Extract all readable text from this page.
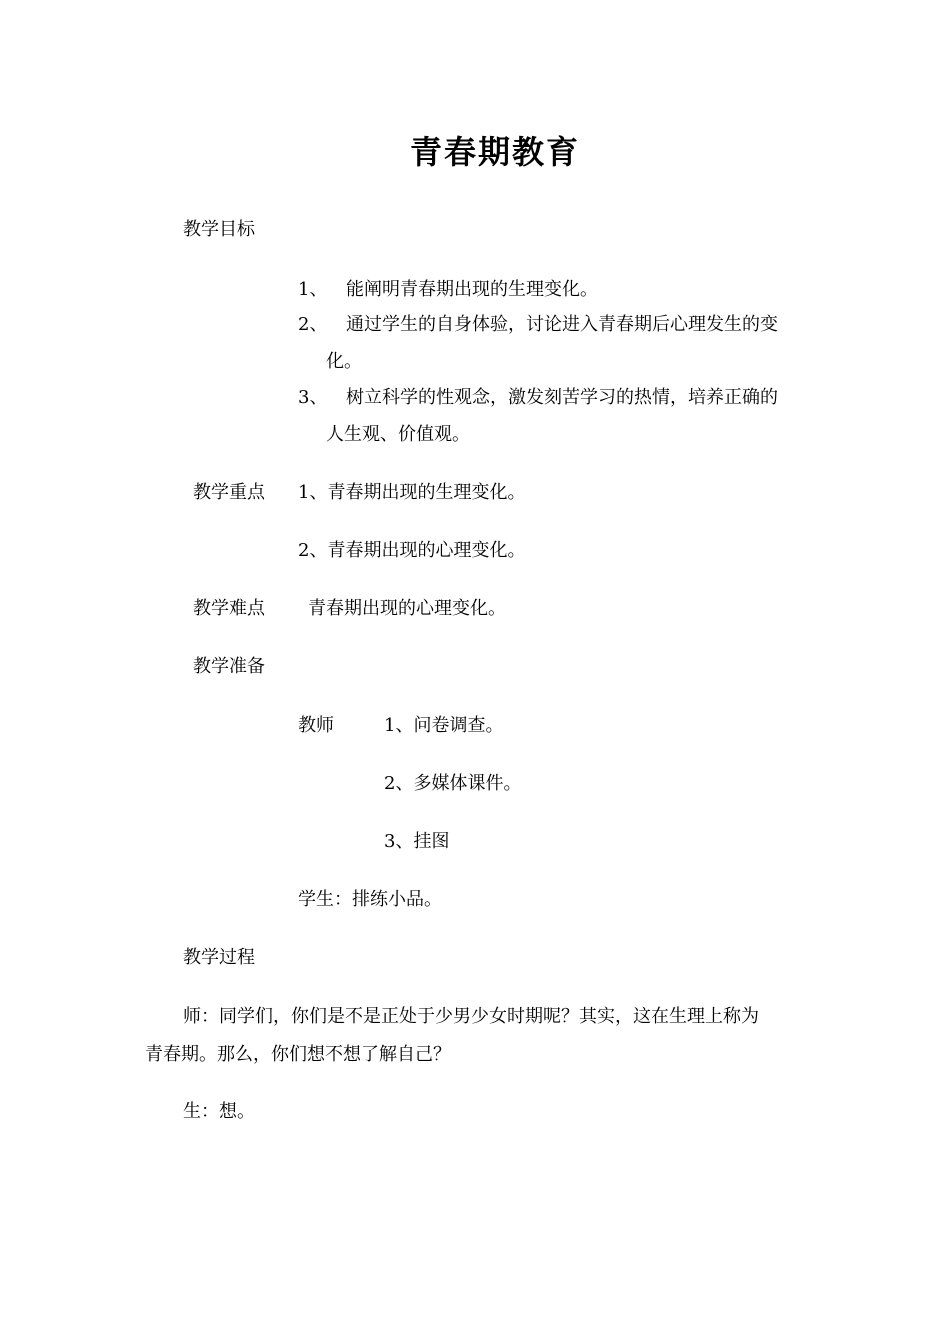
青春期教育
教学目标
1、 能阐明青春期出现的生理变化。
2、 通过学生的自身体验，讨论进入青春期后心理发生的变
化。
3、 树立科学的性观念，激发刻苦学习的热情，培养正确的
人生观、价值观。
教学重点 1、青春期出现的生理变化。
2、青春期出现的心理变化。
教学难点 青春期出现的心理变化。
教学准备
教师	1、问卷调查。
2、多媒体课件。
3、挂图
学生：排练小品。
教学过程
师：同学们，你们是不是正处于少男少女时期呢？其实，这在生理上称为
青春期。那么，你们想不想了解自己？
生：想。
